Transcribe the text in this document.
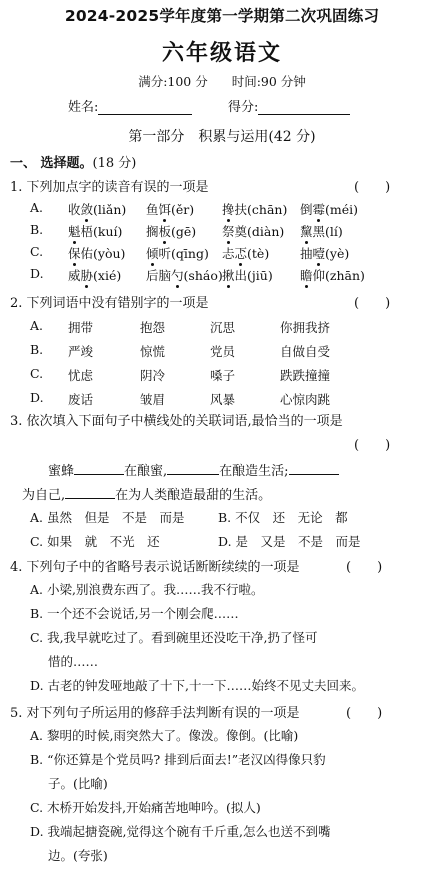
2024-2025学年度第一学期第二次巩固练习
六年级语文
满分:100 分 时间:90 分钟
姓名:	得分:
第一部分　积累与运用(42 分)
一、 选择题。(18 分)
1. 下列加点字的读音有误的一项是	(　　)
A. 收敛(liǎn) 鱼饵(ěr) 搀扶(chān) 倒霉(méi)
B. 魁梧(kuí) 搁板(gē) 祭奠(diàn) 黧黑(lí)
C. 保佑(yòu) 倾听(qīng) 忐忑(tè) 抽噎(yè)
D. 威胁(xié) 后脑勺(sháo) 揪出(jiū) 瞻仰(zhān)
2. 下列词语中没有错别字的一项是	(　　)
A. 拥带	抱怨	沉思	你拥我挤
B. 严竣	惊慌	党员	自做自受
C. 忧虑	阴冷	嗓子	跌跌撞撞
D. 废话	皱眉	风暴	心惊肉跳
3. 依次填入下面句子中横线处的关联词语,最恰当的一项是
(　　)
蜜蜂	在酿蜜,	在酿造生活;
为自己,	在为人类酿造最甜的生活。
A. 虽然　但是　不是　而是	B. 不仅　还　无论　都
C. 如果　就　不光　还	D. 是　又是　不是　而是
4. 下列句子中的省略号表示说话断断续续的一项是	(　　)
A. 小梁,别浪费东西了。我……我不行啦。
B. 一个还不会说话,另一个刚会爬……
C. 我,我早就吃过了。看到碗里还没吃干净,扔了怪可
惜的……
D. 古老的钟发哑地敲了十下,十一下……始终不见丈夫回来。
5. 对下列句子所运用的修辞手法判断有误的一项是	(　　)
A. 黎明的时候,雨突然大了。像泼。像倒。(比喻)
B. “你还算是个党员吗? 排到后面去!”老汉凶得像只豹
子。(比喻)
C. 木桥开始发抖,开始痛苦地呻吟。(拟人)
D. 我端起搪瓷碗,觉得这个碗有千斤重,怎么也送不到嘴
边。(夸张)
